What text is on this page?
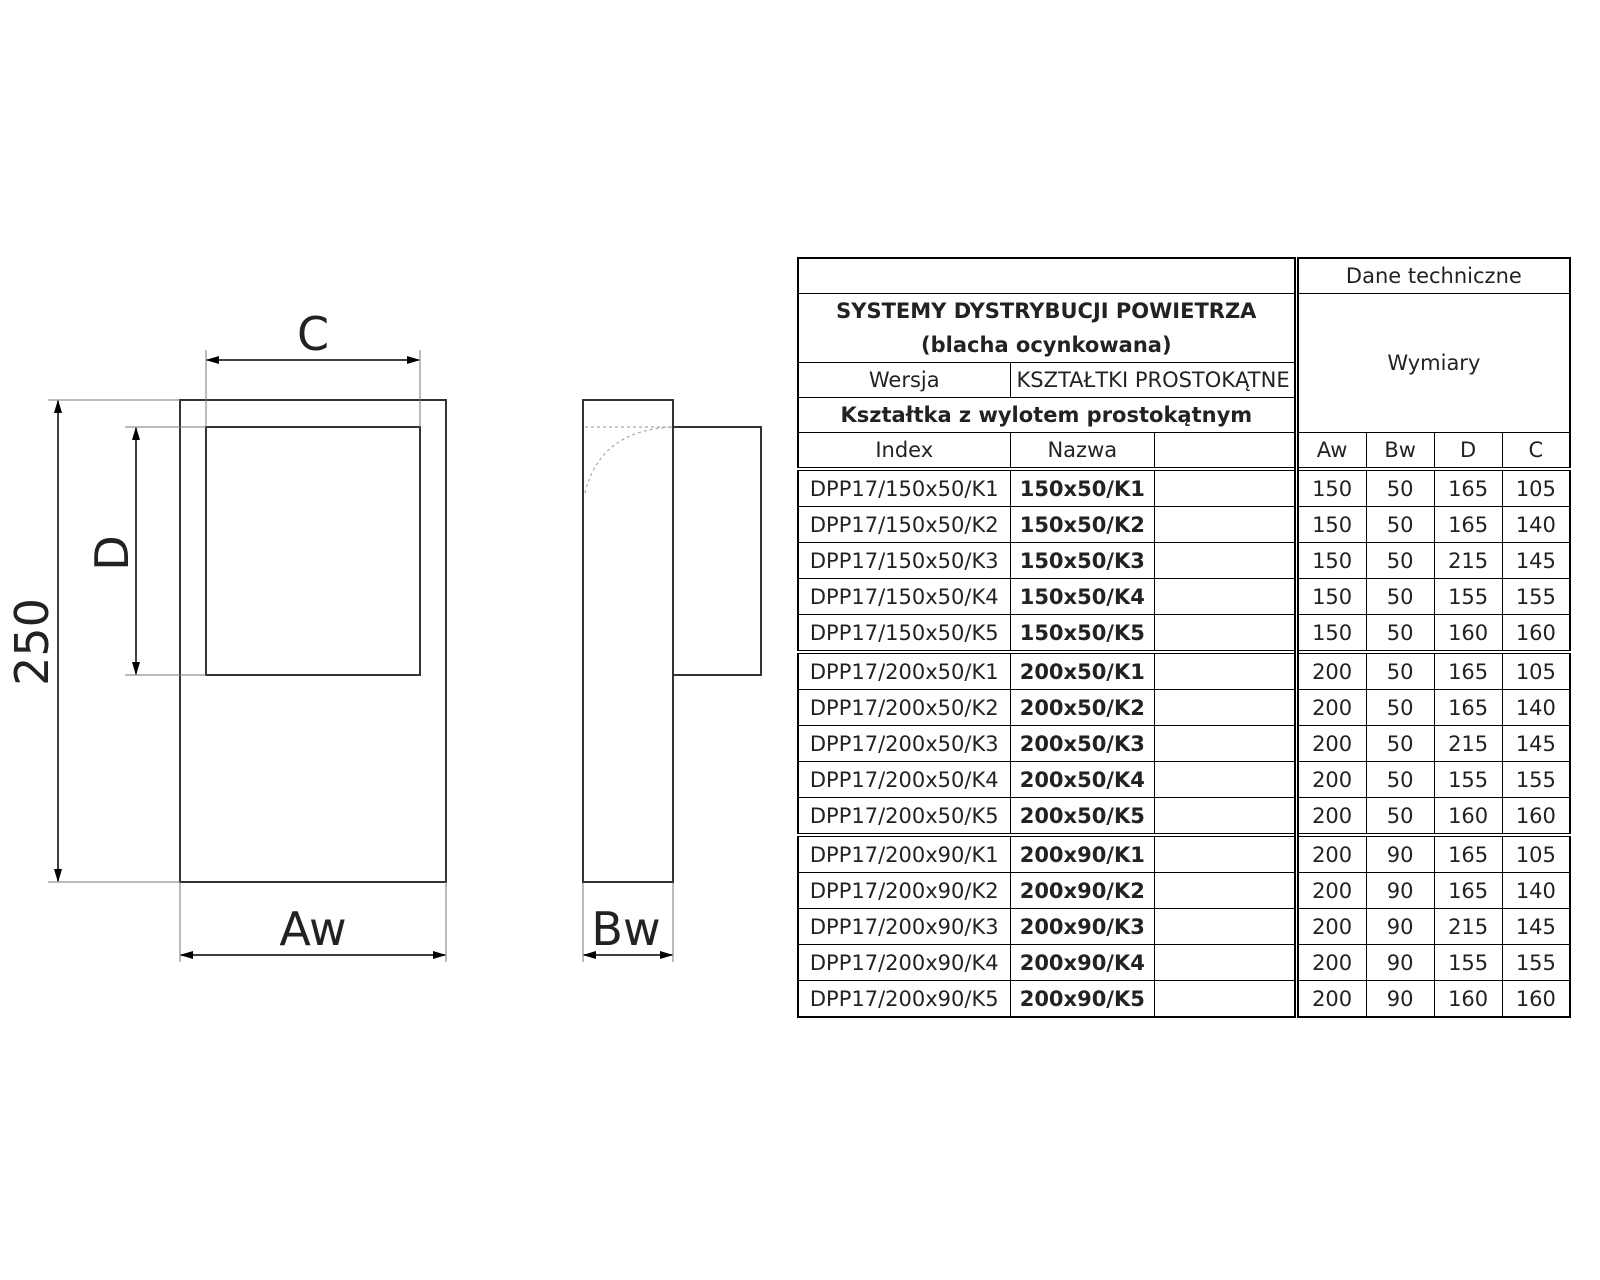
C
D
250
Aw	Bw
			Dane techniczne			

SYSTEMY DYSTRYBUCJI POWIETRZA
(blacha ocynkowana)			Wymiary			

Wersja	KSZTAŁTKI PROSTOKĄTNE					
Kształtka z wylotem prostokątnym						
Index	Nazwa		Aw	Bw	D	C
DPP17/150x50/K1	150x50/K1		150	50	165	105
DPP17/150x50/K2	150x50/K2		150	50	165	140
DPP17/150x50/K3	150x50/K3		150	50	215	145
DPP17/150x50/K4	150x50/K4		150	50	155	155
DPP17/150x50/K5	150x50/K5		150	50	160	160
DPP17/200x50/K1	200x50/K1		200	50	165	105
DPP17/200x50/K2	200x50/K2		200	50	165	140
DPP17/200x50/K3	200x50/K3		200	50	215	145
DPP17/200x50/K4	200x50/K4		200	50	155	155
DPP17/200x50/K5	200x50/K5		200	50	160	160
DPP17/200x90/K1	200x90/K1		200	90	165	105
DPP17/200x90/K2	200x90/K2		200	90	165	140
DPP17/200x90/K3	200x90/K3		200	90	215	145
DPP17/200x90/K4	200x90/K4		200	90	155	155
DPP17/200x90/K5	200x90/K5		200	90	160	160
